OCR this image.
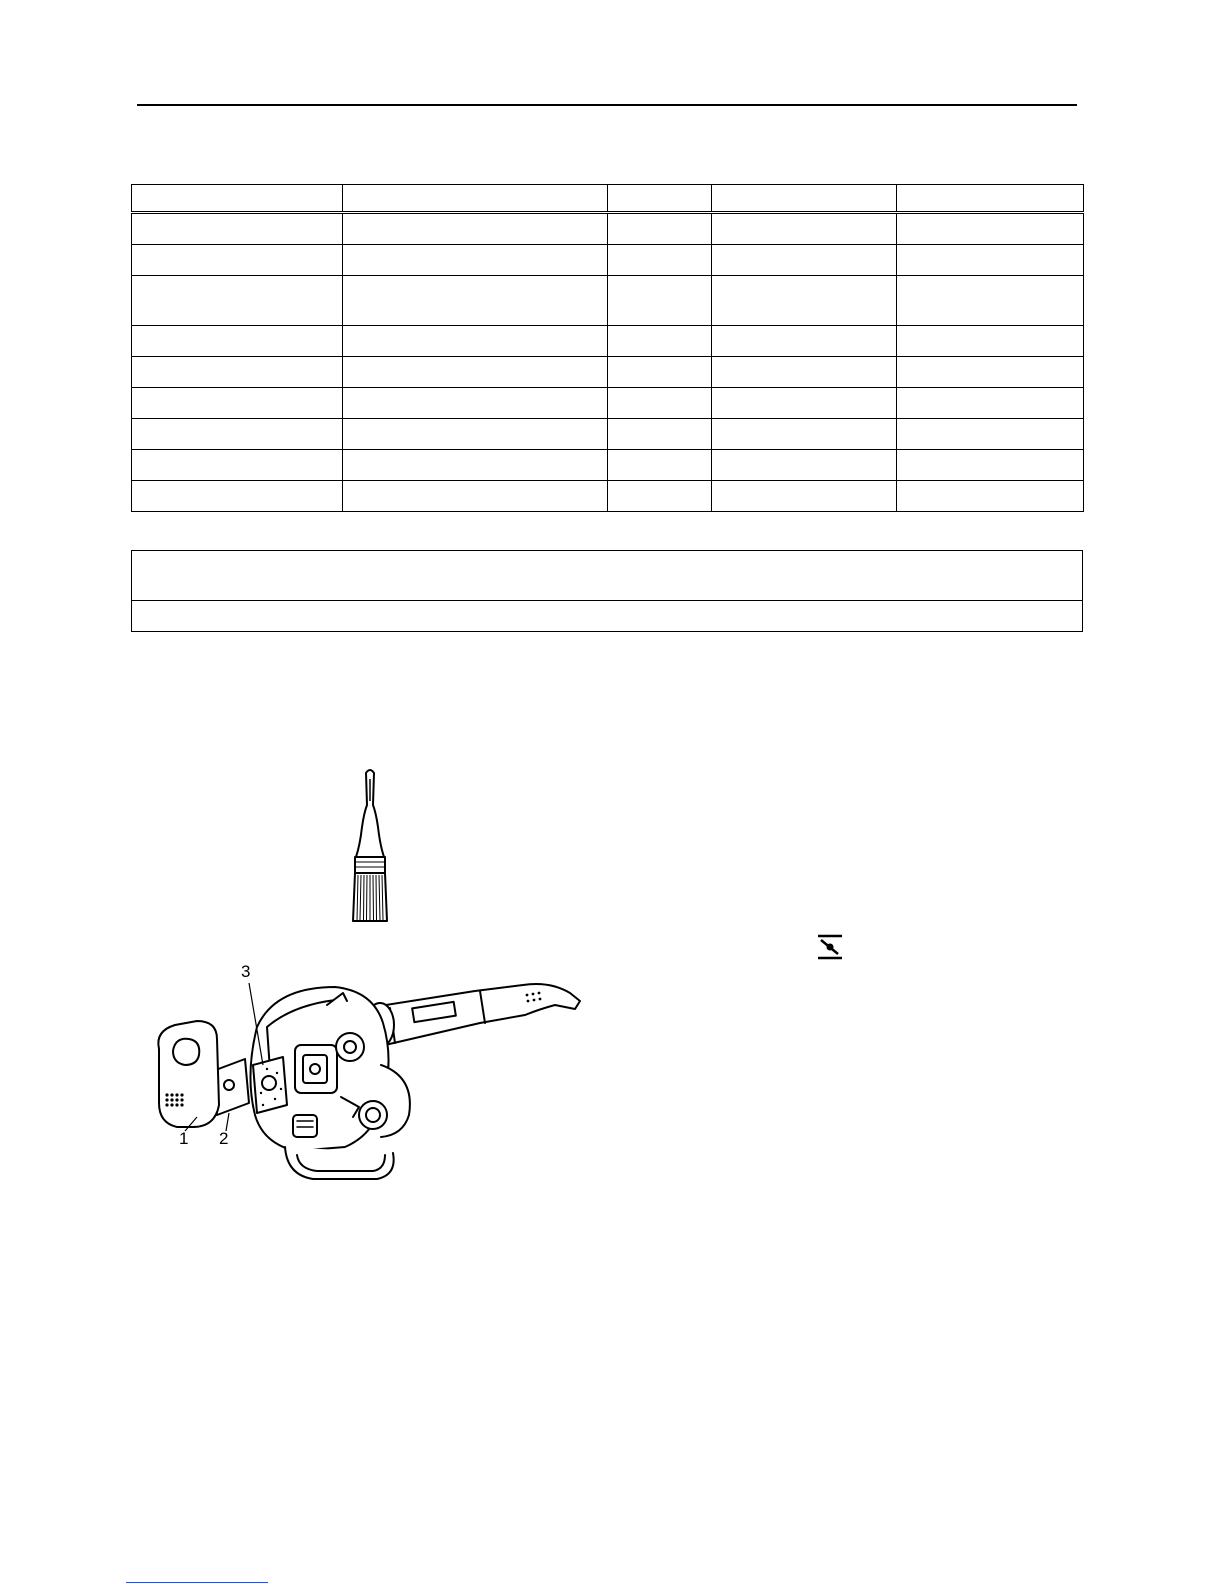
3
1 2
